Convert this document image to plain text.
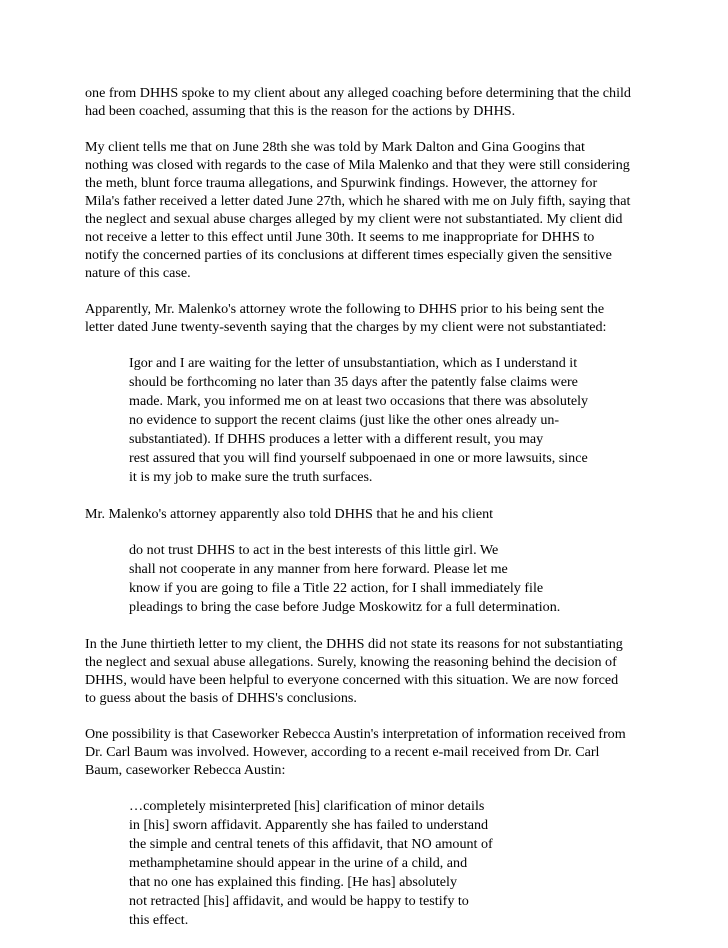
one from DHHS spoke to my client about any alleged coaching before determining that the child
had been coached, assuming that this is the reason for the actions by DHHS.
My client tells me that on June 28th she was told by Mark Dalton and Gina Googins that
nothing was closed with regards to the case of Mila Malenko and that they were still considering
the meth, blunt force trauma allegations, and Spurwink findings. However, the attorney for
Mila's father received a letter dated June 27th, which he shared with me on July fifth, saying that
the neglect and sexual abuse charges alleged by my client were not substantiated. My client did
not receive a letter to this effect until June 30th. It seems to me inappropriate for DHHS to
notify the concerned parties of its conclusions at different times especially given the sensitive
nature of this case.
Apparently, Mr. Malenko's attorney wrote the following to DHHS prior to his being sent the
letter dated June twenty-seventh saying that the charges by my client were not substantiated:
Igor and I are waiting for the letter of unsubstantiation, which as I understand it
should be forthcoming no later than 35 days after the patently false claims were
made. Mark, you informed me on at least two occasions that there was absolutely
no evidence to support the recent claims (just like the other ones already un-
substantiated). If DHHS produces a letter with a different result, you may
rest assured that you will find yourself subpoenaed in one or more lawsuits, since
it is my job to make sure the truth surfaces.
Mr. Malenko's attorney apparently also told DHHS that he and his client
do not trust DHHS to act in the best interests of this little girl. We
shall not cooperate in any manner from here forward. Please let me
know if you are going to file a Title 22 action, for I shall immediately file
pleadings to bring the case before Judge Moskowitz for a full determination.
In the June thirtieth letter to my client, the DHHS did not state its reasons for not substantiating
the neglect and sexual abuse allegations. Surely, knowing the reasoning behind the decision of
DHHS, would have been helpful to everyone concerned with this situation. We are now forced
to guess about the basis of DHHS's conclusions.
One possibility is that Caseworker Rebecca Austin's interpretation of information received from
Dr. Carl Baum was involved. However, according to a recent e-mail received from Dr. Carl
Baum, caseworker Rebecca Austin:
…completely misinterpreted [his] clarification of minor details
in [his] sworn affidavit. Apparently she has failed to understand
the simple and central tenets of this affidavit, that NO amount of
methamphetamine should appear in the urine of a child, and
that no one has explained this finding. [He has] absolutely
not retracted [his] affidavit, and would be happy to testify to
this effect.
